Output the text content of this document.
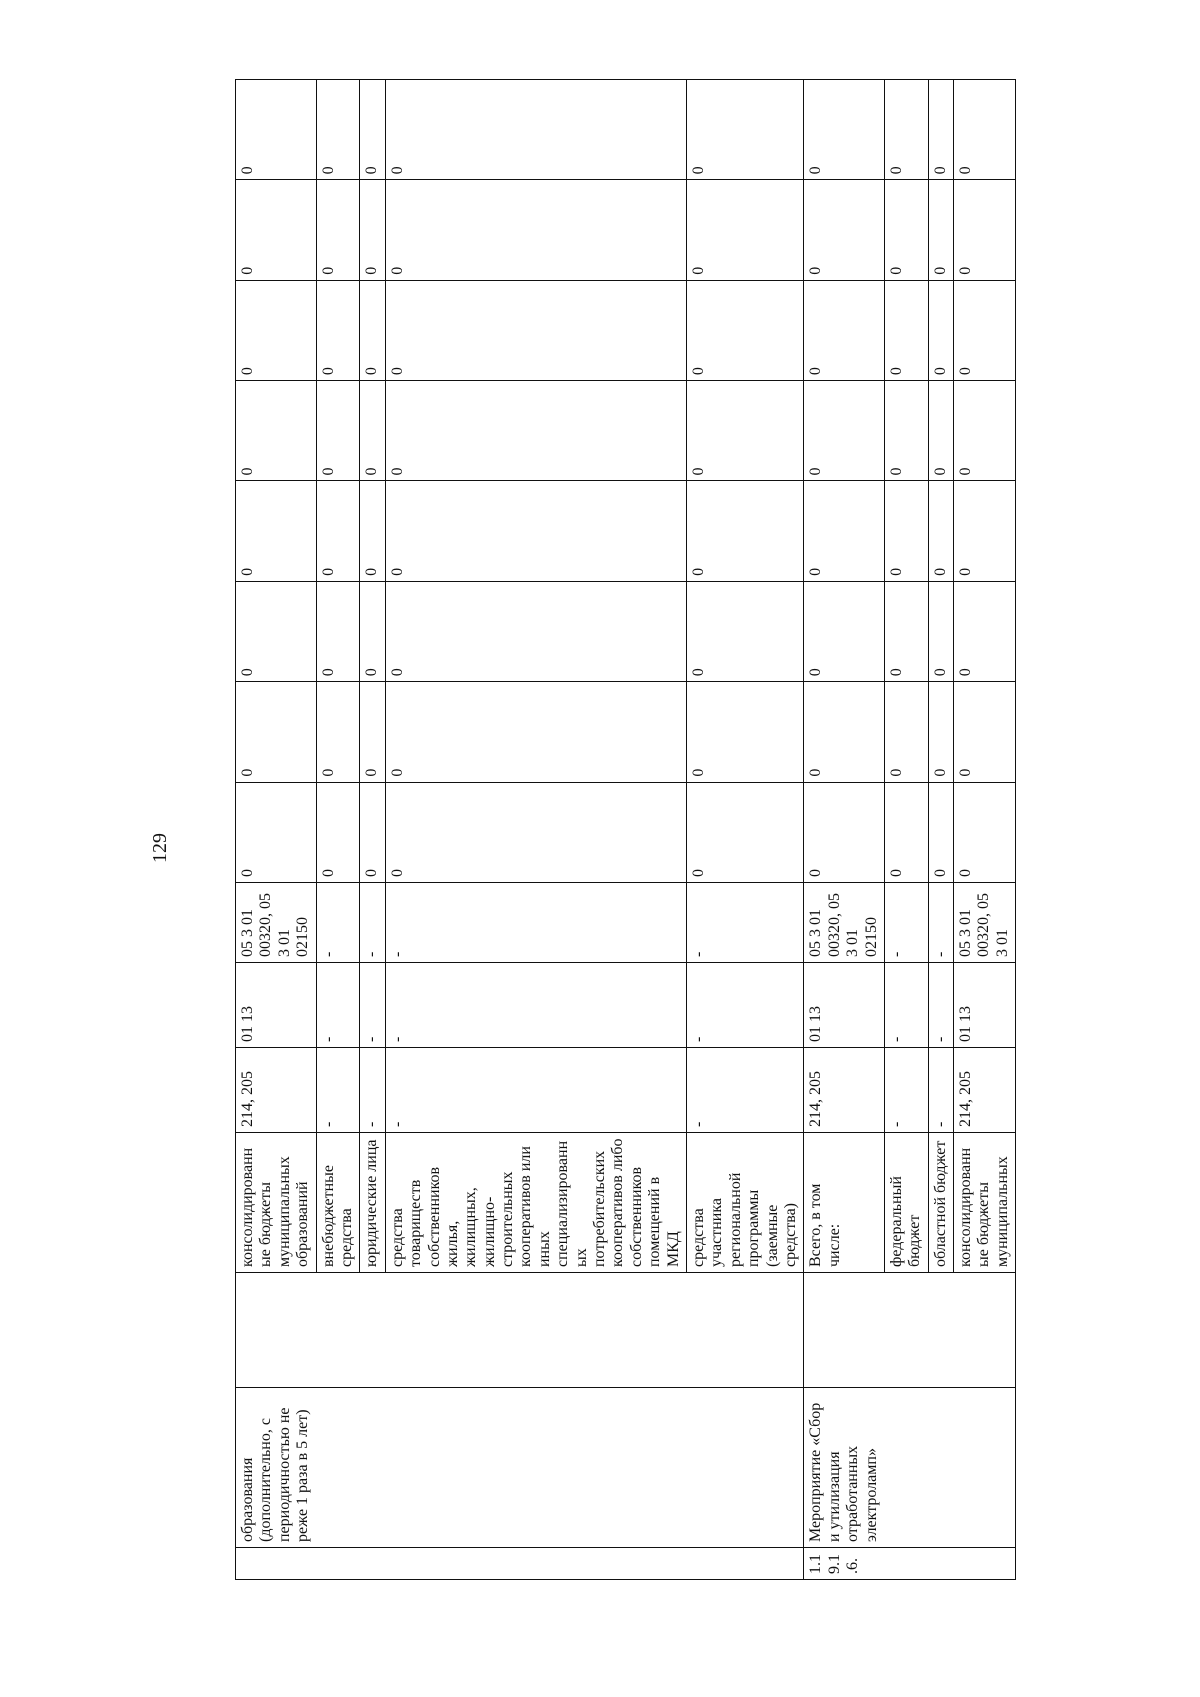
129
	образования (дополнительно, с периодичностью не реже 1 раза в 5 лет)		консолидированные бюджеты муниципальных образований	214, 205	01 13	05 3 01 00320, 05 3 01 02150	0	0	0	0	0	0	0	0
			внебюджетные средства	-	-	-	0	0	0	0	0	0	0	0
			юридические лица	-	-	-	0	0	0	0	0	0	0	0
			средства товариществ собственников жилья, жилищных, жилищно-строительных кооперативов или иных специализированных потребительских кооперативов либо собственников помещений в МКД	-	-	-	0	0	0	0	0	0	0	0
			средства участника региональной программы (заемные средства)	-	-	-	0	0	0	0	0	0	0	0
1.19.1.6.	Мероприятие «Сбор и утилизация отработанных электроламп»		Всего, в том числе:	214, 205	01 13	05 3 01 00320, 05 3 01 02150	0	0	0	0	0	0	0	0
			федеральный бюджет	-	-	-	0	0	0	0	0	0	0	0
			областной бюджет	-	-	-	0	0	0	0	0	0	0	0
			консолидированные бюджеты муниципальных	214, 205	01 13	05 3 01 00320, 05 3 01	0	0	0	0	0	0	0	0
